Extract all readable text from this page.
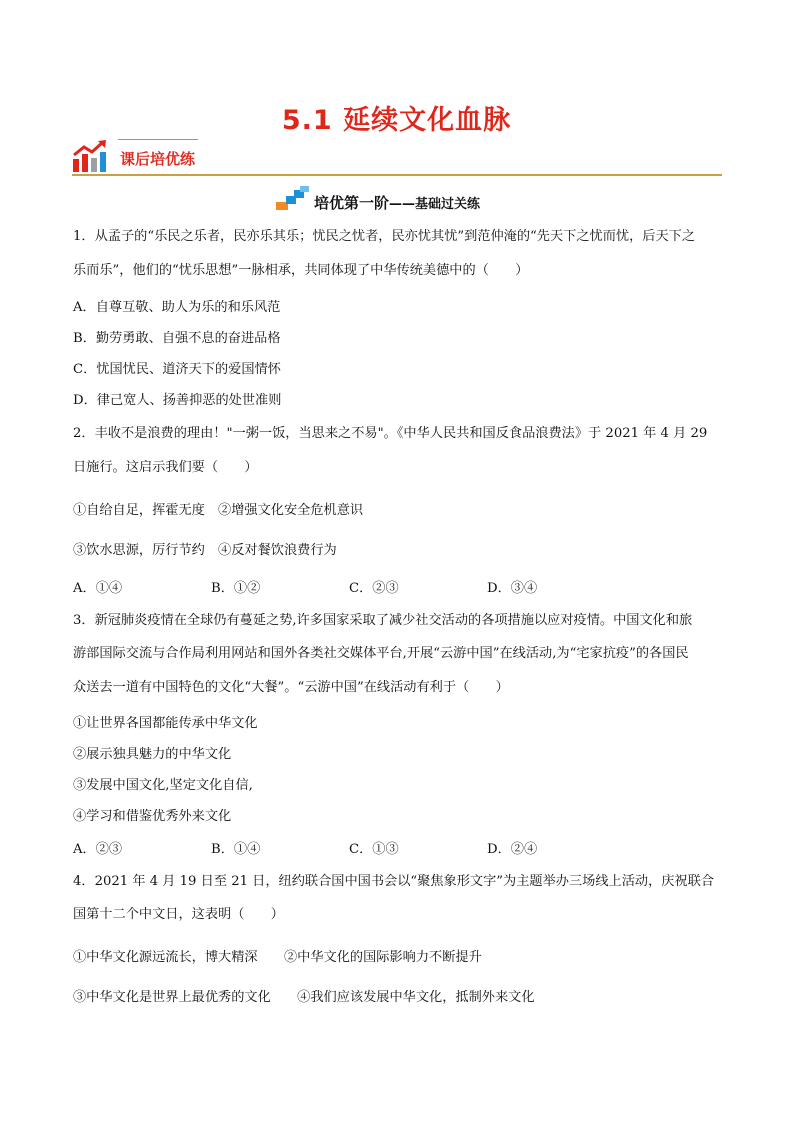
5.1 延续文化血脉
课后培优练
培优第一阶——基础过关练
1．从孟子的“乐民之乐者，民亦乐其乐；忧民之忧者，民亦忧其忧”到范仲淹的“先天下之忧而忧，后天下之
乐而乐”，他们的“忧乐思想”一脉相承，共同体现了中华传统美德中的（　　）
A．自尊互敬、助人为乐的和乐风范
B．勤劳勇敢、自强不息的奋进品格
C．忧国忧民、道济天下的爱国情怀
D．律己宽人、扬善抑恶的处世准则
2．丰收不是浪费的理由！"一粥一饭，当思来之不易"。《中华人民共和国反食品浪费法》于 2021 年 4 月 29
日施行。这启示我们要（　　）
①自给自足，挥霍无度　②增强文化安全危机意识
③饮水思源，厉行节约　④反对餐饮浪费行为
A．①④	B．①②	C．②③	D．③④
3．新冠肺炎疫情在全球仍有蔓延之势,许多国家采取了减少社交活动的各项措施以应对疫情。中国文化和旅
游部国际交流与合作局利用网站和国外各类社交媒体平台,开展“云游中国”在线活动,为“宅家抗疫”的各国民
众送去一道有中国特色的文化“大餐”。“云游中国”在线活动有利于（　　）
①让世界各国都能传承中华文化
②展示独具魅力的中华文化
③发展中国文化,坚定文化自信,
④学习和借鉴优秀外来文化
A．②③	B．①④	C．①③	D．②④
4．2021 年 4 月 19 日至 21 日，纽约联合国中国书会以“聚焦象形文字”为主题举办三场线上活动，庆祝联合
国第十二个中文日，这表明（　　）
①中华文化源远流长，博大精深　　②中华文化的国际影响力不断提升
③中华文化是世界上最优秀的文化　　④我们应该发展中华文化，抵制外来文化
